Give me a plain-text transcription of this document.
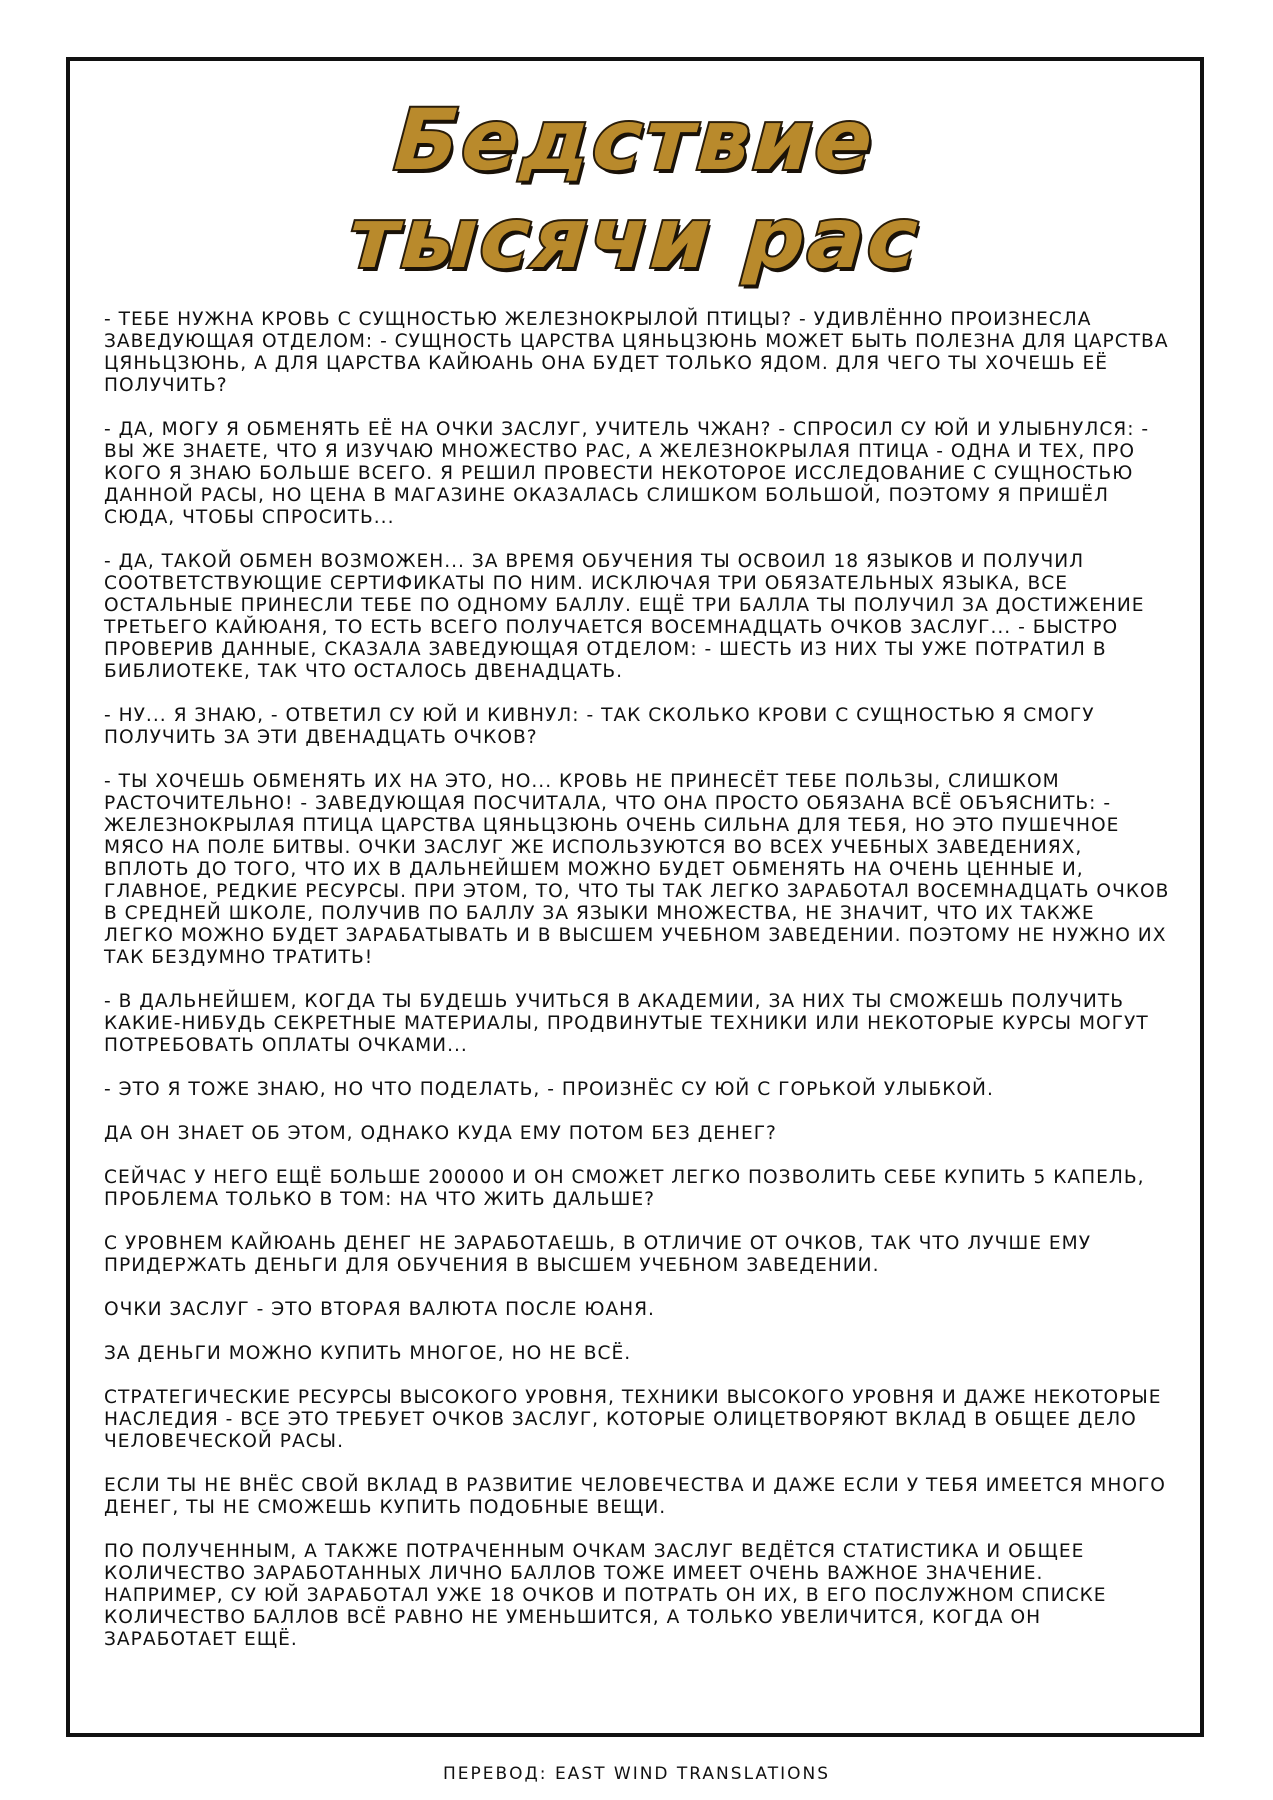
Бедствие
тысячи рас

- ТЕБЕ НУЖНА КРОВЬ С СУЩНОСТЬЮ ЖЕЛЕЗНОКРЫЛОЙ ПТИЦЫ? - УДИВЛЁННО ПРОИЗНЕСЛА ЗАВЕДУЮЩАЯ ОТДЕЛОМ: - СУЩНОСТЬ ЦАРСТВА ЦЯНЬЦЗЮНЬ МОЖЕТ БЫТЬ ПОЛЕЗНА ДЛЯ ЦАРСТВА ЦЯНЬЦЗЮНЬ, А ДЛЯ ЦАРСТВА КАЙЮАНЬ ОНА БУДЕТ ТОЛЬКО ЯДОМ. ДЛЯ ЧЕГО ТЫ ХОЧЕШЬ ЕЁ ПОЛУЧИТЬ?

- ДА, МОГУ Я ОБМЕНЯТЬ ЕЁ НА ОЧКИ ЗАСЛУГ, УЧИТЕЛЬ ЧЖАН? - СПРОСИЛ СУ ЮЙ И УЛЫБНУЛСЯ: - ВЫ ЖЕ ЗНАЕТЕ, ЧТО Я ИЗУЧАЮ МНОЖЕСТВО РАС, А ЖЕЛЕЗНОКРЫЛАЯ ПТИЦА - ОДНА И ТЕХ, ПРО КОГО Я ЗНАЮ БОЛЬШЕ ВСЕГО. Я РЕШИЛ ПРОВЕСТИ НЕКОТОРОЕ ИССЛЕДОВАНИЕ С СУЩНОСТЬЮ ДАННОЙ РАСЫ, НО ЦЕНА В МАГАЗИНЕ ОКАЗАЛАСЬ СЛИШКОМ БОЛЬШОЙ, ПОЭТОМУ Я ПРИШЁЛ СЮДА, ЧТОБЫ СПРОСИТЬ...

- ДА, ТАКОЙ ОБМЕН ВОЗМОЖЕН... ЗА ВРЕМЯ ОБУЧЕНИЯ ТЫ ОСВОИЛ 18 ЯЗЫКОВ И ПОЛУЧИЛ СООТВЕТСТВУЮЩИЕ СЕРТИФИКАТЫ ПО НИМ. ИСКЛЮЧАЯ ТРИ ОБЯЗАТЕЛЬНЫХ ЯЗЫКА, ВСЕ ОСТАЛЬНЫЕ ПРИНЕСЛИ ТЕБЕ ПО ОДНОМУ БАЛЛУ. ЕЩЁ ТРИ БАЛЛА ТЫ ПОЛУЧИЛ ЗА ДОСТИЖЕНИЕ ТРЕТЬЕГО КАЙЮАНЯ, ТО ЕСТЬ ВСЕГО ПОЛУЧАЕТСЯ ВОСЕМНАДЦАТЬ ОЧКОВ ЗАСЛУГ... - БЫСТРО ПРОВЕРИВ ДАННЫЕ, СКАЗАЛА ЗАВЕДУЮЩАЯ ОТДЕЛОМ: - ШЕСТЬ ИЗ НИХ ТЫ УЖЕ ПОТРАТИЛ В БИБЛИОТЕКЕ, ТАК ЧТО ОСТАЛОСЬ ДВЕНАДЦАТЬ.

- НУ... Я ЗНАЮ, - ОТВЕТИЛ СУ ЮЙ И КИВНУЛ: - ТАК СКОЛЬКО КРОВИ С СУЩНОСТЬЮ Я СМОГУ ПОЛУЧИТЬ ЗА ЭТИ ДВЕНАДЦАТЬ ОЧКОВ?

- ТЫ ХОЧЕШЬ ОБМЕНЯТЬ ИХ НА ЭТО, НО... КРОВЬ НЕ ПРИНЕСЁТ ТЕБЕ ПОЛЬЗЫ, СЛИШКОМ РАСТОЧИТЕЛЬНО! - ЗАВЕДУЮЩАЯ ПОСЧИТАЛА, ЧТО ОНА ПРОСТО ОБЯЗАНА ВСЁ ОБЪЯСНИТЬ: - ЖЕЛЕЗНОКРЫЛАЯ ПТИЦА ЦАРСТВА ЦЯНЬЦЗЮНЬ ОЧЕНЬ СИЛЬНА ДЛЯ ТЕБЯ, НО ЭТО ПУШЕЧНОЕ МЯСО НА ПОЛЕ БИТВЫ. ОЧКИ ЗАСЛУГ ЖЕ ИСПОЛЬЗУЮТСЯ ВО ВСЕХ УЧЕБНЫХ ЗАВЕДЕНИЯХ, ВПЛОТЬ ДО ТОГО, ЧТО ИХ В ДАЛЬНЕЙШЕМ МОЖНО БУДЕТ ОБМЕНЯТЬ НА ОЧЕНЬ ЦЕННЫЕ И, ГЛАВНОЕ, РЕДКИЕ РЕСУРСЫ. ПРИ ЭТОМ, ТО, ЧТО ТЫ ТАК ЛЕГКО ЗАРАБОТАЛ ВОСЕМНАДЦАТЬ ОЧКОВ В СРЕДНЕЙ ШКОЛЕ, ПОЛУЧИВ ПО БАЛЛУ ЗА ЯЗЫКИ МНОЖЕСТВА, НЕ ЗНАЧИТ, ЧТО ИХ ТАКЖЕ ЛЕГКО МОЖНО БУДЕТ ЗАРАБАТЫВАТЬ И В ВЫСШЕМ УЧЕБНОМ ЗАВЕДЕНИИ. ПОЭТОМУ НЕ НУЖНО ИХ ТАК БЕЗДУМНО ТРАТИТЬ!

- В ДАЛЬНЕЙШЕМ, КОГДА ТЫ БУДЕШЬ УЧИТЬСЯ В АКАДЕМИИ, ЗА НИХ ТЫ СМОЖЕШЬ ПОЛУЧИТЬ КАКИЕ-НИБУДЬ СЕКРЕТНЫЕ МАТЕРИАЛЫ, ПРОДВИНУТЫЕ ТЕХНИКИ ИЛИ НЕКОТОРЫЕ КУРСЫ МОГУТ ПОТРЕБОВАТЬ ОПЛАТЫ ОЧКАМИ...

- ЭТО Я ТОЖЕ ЗНАЮ, НО ЧТО ПОДЕЛАТЬ, - ПРОИЗНЁС СУ ЮЙ С ГОРЬКОЙ УЛЫБКОЙ.

ДА ОН ЗНАЕТ ОБ ЭТОМ, ОДНАКО КУДА ЕМУ ПОТОМ БЕЗ ДЕНЕГ?

СЕЙЧАС У НЕГО ЕЩЁ БОЛЬШЕ 200000 И ОН СМОЖЕТ ЛЕГКО ПОЗВОЛИТЬ СЕБЕ КУПИТЬ 5 КАПЕЛЬ, ПРОБЛЕМА ТОЛЬКО В ТОМ: НА ЧТО ЖИТЬ ДАЛЬШЕ?

С УРОВНЕМ КАЙЮАНЬ ДЕНЕГ НЕ ЗАРАБОТАЕШЬ, В ОТЛИЧИЕ ОТ ОЧКОВ, ТАК ЧТО ЛУЧШЕ ЕМУ ПРИДЕРЖАТЬ ДЕНЬГИ ДЛЯ ОБУЧЕНИЯ В ВЫСШЕМ УЧЕБНОМ ЗАВЕДЕНИИ.

ОЧКИ ЗАСЛУГ - ЭТО ВТОРАЯ ВАЛЮТА ПОСЛЕ ЮАНЯ.

ЗА ДЕНЬГИ МОЖНО КУПИТЬ МНОГОЕ, НО НЕ ВСЁ.

СТРАТЕГИЧЕСКИЕ РЕСУРСЫ ВЫСОКОГО УРОВНЯ, ТЕХНИКИ ВЫСОКОГО УРОВНЯ И ДАЖЕ НЕКОТОРЫЕ НАСЛЕДИЯ - ВСЕ ЭТО ТРЕБУЕТ ОЧКОВ ЗАСЛУГ, КОТОРЫЕ ОЛИЦЕТВОРЯЮТ ВКЛАД В ОБЩЕЕ ДЕЛО ЧЕЛОВЕЧЕСКОЙ РАСЫ.

ЕСЛИ ТЫ НЕ ВНЁС СВОЙ ВКЛАД В РАЗВИТИЕ ЧЕЛОВЕЧЕСТВА И ДАЖЕ ЕСЛИ У ТЕБЯ ИМЕЕТСЯ МНОГО ДЕНЕГ, ТЫ НЕ СМОЖЕШЬ КУПИТЬ ПОДОБНЫЕ ВЕЩИ.

ПО ПОЛУЧЕННЫМ, А ТАКЖЕ ПОТРАЧЕННЫМ ОЧКАМ ЗАСЛУГ ВЕДЁТСЯ СТАТИСТИКА И ОБЩЕЕ КОЛИЧЕСТВО ЗАРАБОТАННЫХ ЛИЧНО БАЛЛОВ ТОЖЕ ИМЕЕТ ОЧЕНЬ ВАЖНОЕ ЗНАЧЕНИЕ. НАПРИМЕР, СУ ЮЙ ЗАРАБОТАЛ УЖЕ 18 ОЧКОВ И ПОТРАТЬ ОН ИХ, В ЕГО ПОСЛУЖНОМ СПИСКЕ КОЛИЧЕСТВО БАЛЛОВ ВСЁ РАВНО НЕ УМЕНЬШИТСЯ, А ТОЛЬКО УВЕЛИЧИТСЯ, КОГДА ОН ЗАРАБОТАЕТ ЕЩЁ.

ПЕРЕВОД: EAST WIND TRANSLATIONS
